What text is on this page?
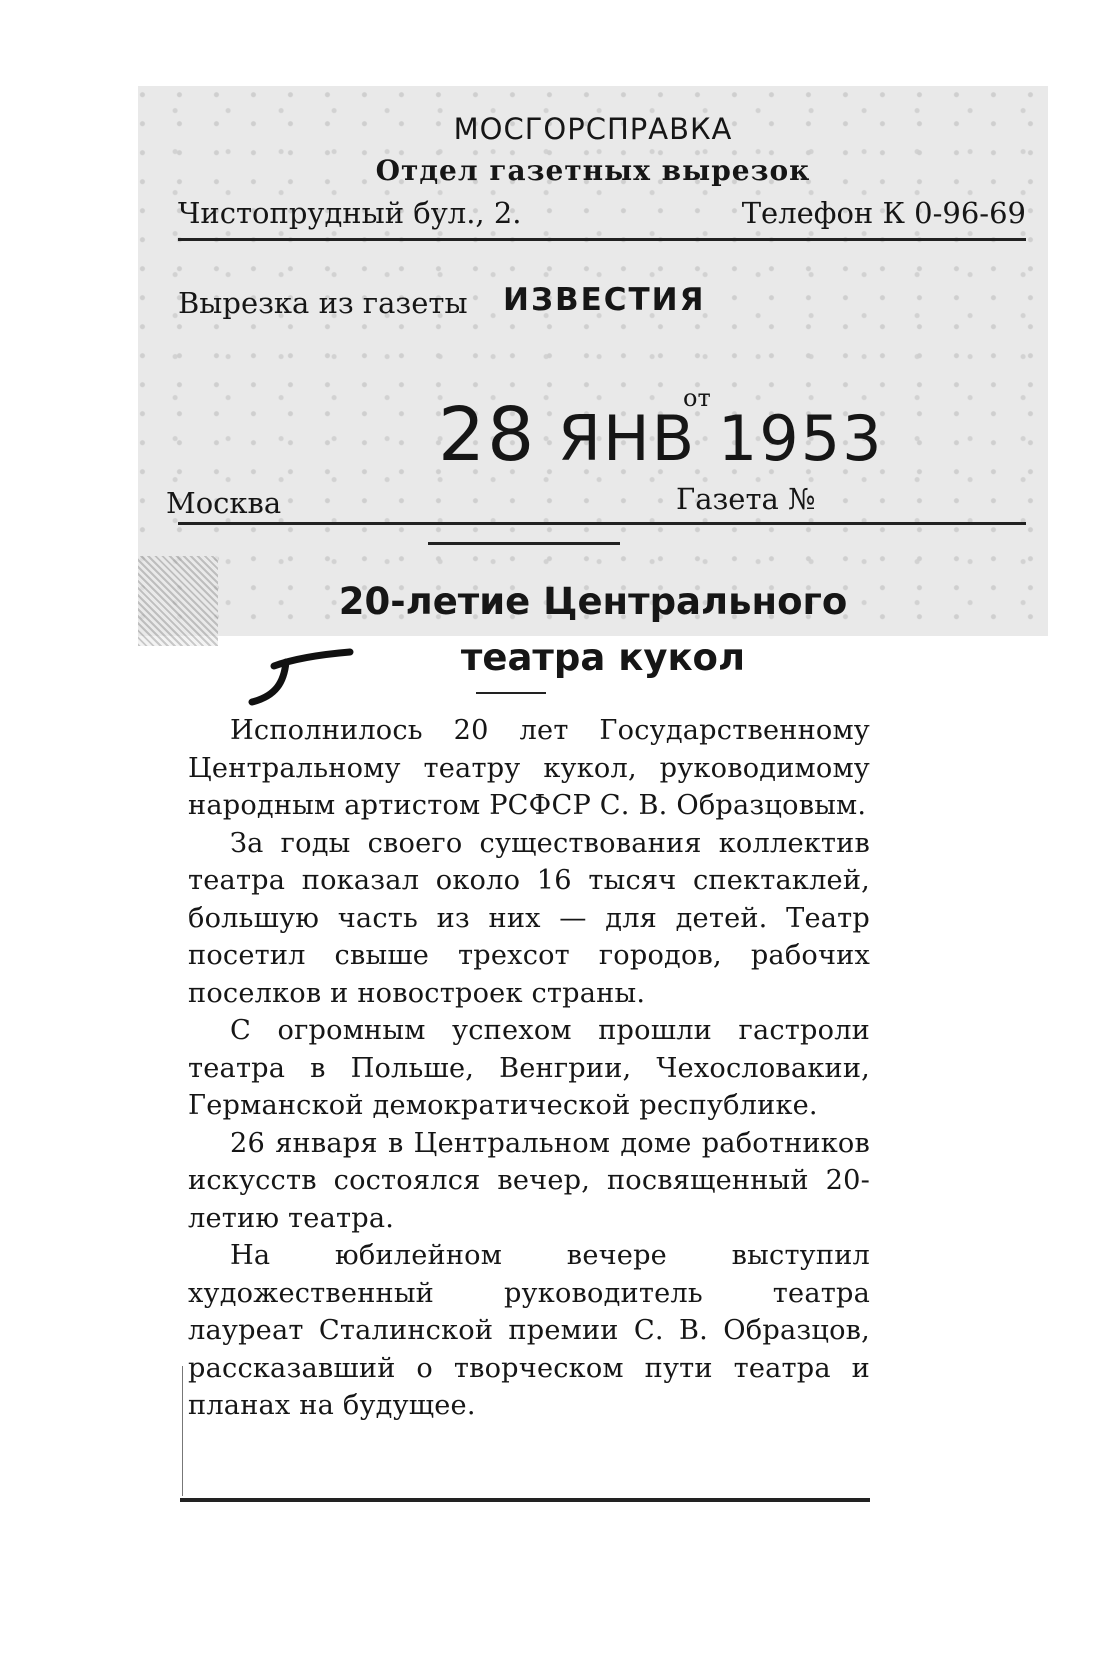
МОСГОРСПРАВКА
Отдел газетных вырезок
Чистопрудный бул., 2.	Телефон К 0-96-69
Вырезка из газеты ИЗВЕСТИЯ
от
28 ЯНВ 1953
Москва	Газета №
20-летие Центрального
театра кукол

Исполнилось 20 лет Государственному Центральному театру кукол, руководимому народным артистом РСФСР С. В. Образцовым.

За годы своего существования коллектив театра показал около 16 тысяч спектаклей, большую часть из них — для детей. Театр посетил свыше трехсот городов, рабочих поселков и новостроек страны.

С огромным успехом прошли гастроли театра в Польше, Венгрии, Чехословакии, Германской демократической республике.

26 января в Центральном доме работников искусств состоялся вечер, посвященный 20-летию театра.

На юбилейном вечере выступил художественный руководитель театра лауреат Сталинской премии С. В. Образцов, рассказавший о творческом пути театра и планах на будущее.
